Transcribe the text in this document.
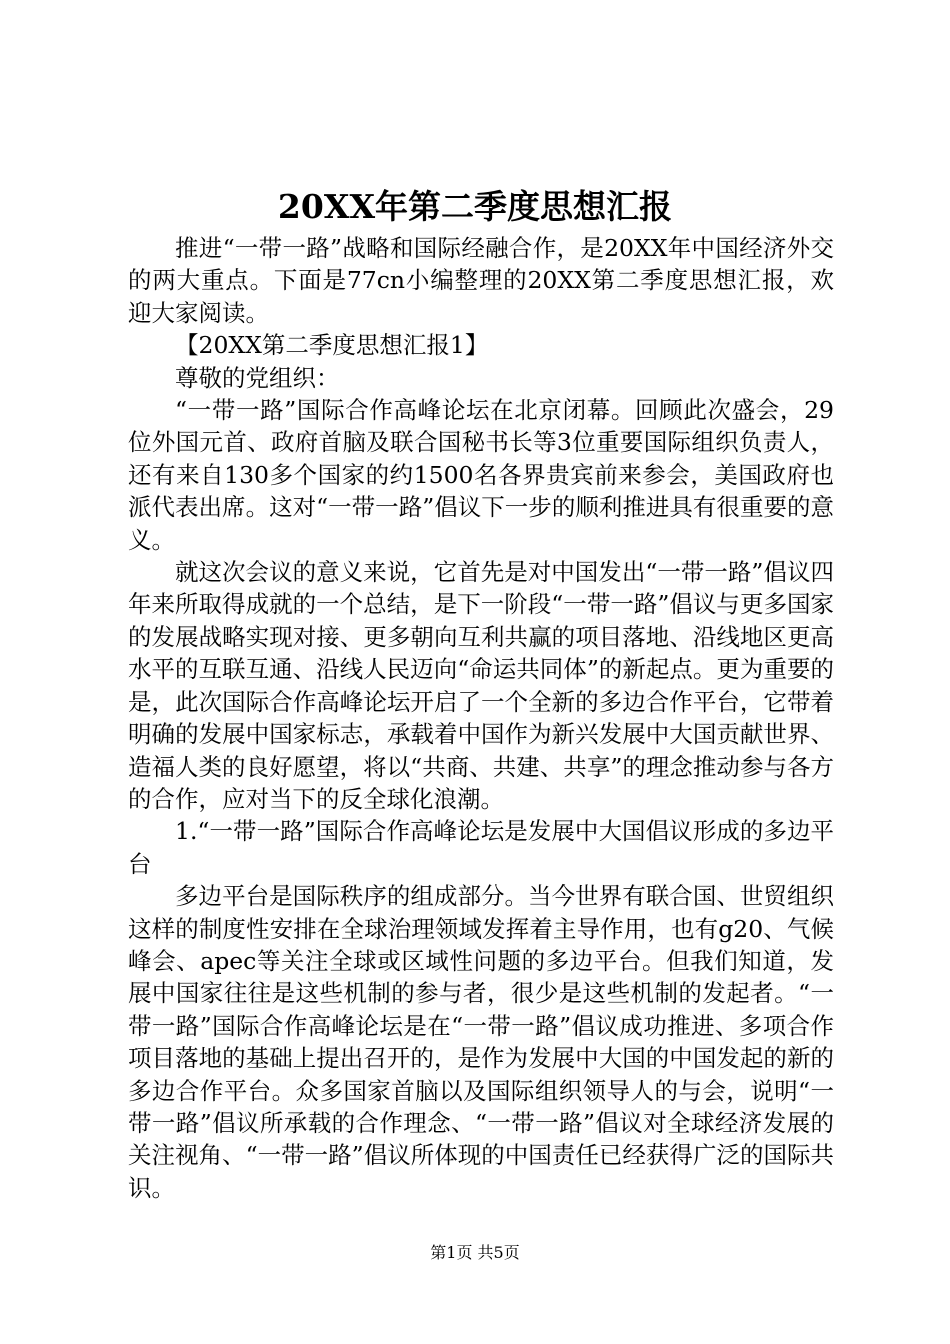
20XX年第二季度思想汇报

推进“一带一路”战略和国际经融合作，是20XX年中国经济外交的两大重点。下面是77cn小编整理的20XX第二季度思想汇报，欢迎大家阅读。

【20XX第二季度思想汇报1】

尊敬的党组织：

“一带一路”国际合作高峰论坛在北京闭幕。回顾此次盛会，29位外国元首、政府首脑及联合国秘书长等3位重要国际组织负责人，还有来自130多个国家的约1500名各界贵宾前来参会，美国政府也派代表出席。这对“一带一路”倡议下一步的顺利推进具有很重要的意义。

就这次会议的意义来说，它首先是对中国发出“一带一路”倡议四年来所取得成就的一个总结，是下一阶段“一带一路”倡议与更多国家的发展战略实现对接、更多朝向互利共赢的项目落地、沿线地区更高水平的互联互通、沿线人民迈向“命运共同体”的新起点。更为重要的是，此次国际合作高峰论坛开启了一个全新的多边合作平台，它带着明确的发展中国家标志，承载着中国作为新兴发展中大国贡献世界、造福人类的良好愿望，将以“共商、共建、共享”的理念推动参与各方的合作，应对当下的反全球化浪潮。

1.“一带一路”国际合作高峰论坛是发展中大国倡议形成的多边平台

多边平台是国际秩序的组成部分。当今世界有联合国、世贸组织这样的制度性安排在全球治理领域发挥着主导作用，也有g20、气候峰会、apec等关注全球或区域性问题的多边平台。但我们知道，发展中国家往往是这些机制的参与者，很少是这些机制的发起者。“一带一路”国际合作高峰论坛是在“一带一路”倡议成功推进、多项合作项目落地的基础上提出召开的，是作为发展中大国的中国发起的新的多边合作平台。众多国家首脑以及国际组织领导人的与会，说明“一带一路”倡议所承载的合作理念、“一带一路”倡议对全球经济发展的关注视角、“一带一路”倡议所体现的中国责任已经获得广泛的国际共识。

第1页 共5页
